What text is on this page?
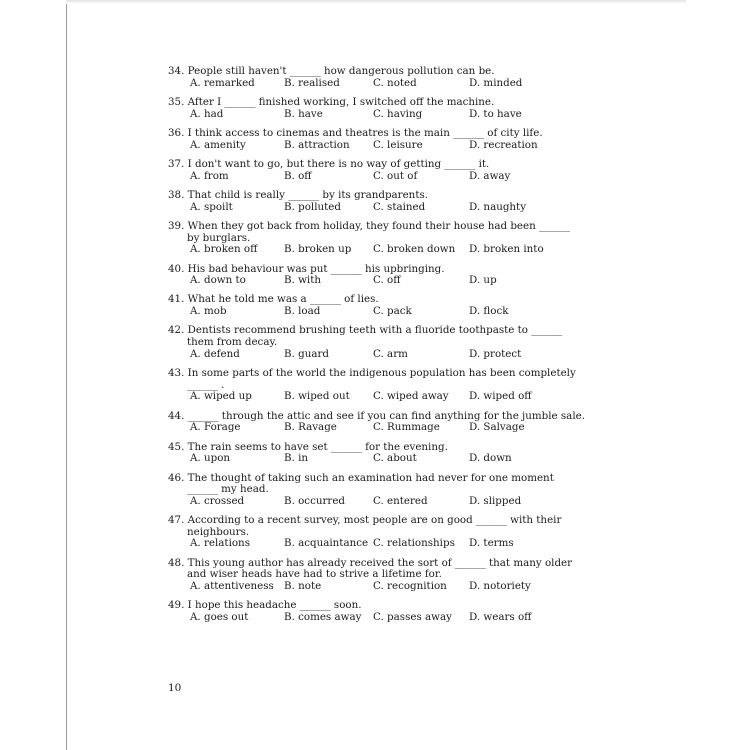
34. People still haven't ______ how dangerous pollution can be.
A. remarked	B. realised	C. noted	D. minded
35. After I ______ finished working, I switched off the machine.
A. had	B. have	C. having	D. to have
36. I think access to cinemas and theatres is the main ______ of city life.
A. amenity	B. attraction	C. leisure	D. recreation
37. I don't want to go, but there is no way of getting ______ it.
A. from	B. off	C. out of	D. away
38. That child is really ______ by its grandparents.
A. spoilt	B. polluted	C. stained	D. naughty
39. When they got back from holiday, they found their house had been ______
by burglars.
A. broken off	B. broken up	C. broken down	D. broken into
40. His bad behaviour was put ______ his upbringing.
A. down to	B. with	C. off	D. up
41. What he told me was a ______ of lies.
A. mob	B. load	C. pack	D. flock
42. Dentists recommend brushing teeth with a fluoride toothpaste to ______
them from decay.
A. defend	B. guard	C. arm	D. protect
43. In some parts of the world the indigenous population has been completely
______ .
A. wiped up	B. wiped out	C. wiped away	D. wiped off
44. ______ through the attic and see if you can find anything for the jumble sale.
A. Forage	B. Ravage	C. Rummage	D. Salvage
45. The rain seems to have set ______ for the evening.
A. upon	B. in	C. about	D. down
46. The thought of taking such an examination had never for one moment
______ my head.
A. crossed	B. occurred	C. entered	D. slipped
47. According to a recent survey, most people are on good ______ with their
neighbours.
A. relations	B. acquaintance C. relationships	D. terms
48. This young author has already received the sort of ______ that many older
and wiser heads have had to strive a lifetime for.
A. attentiveness B. note	C. recognition	D. notoriety
49. I hope this headache ______ soon.
A. goes out	B. comes away	C. passes away	D. wears off
10
